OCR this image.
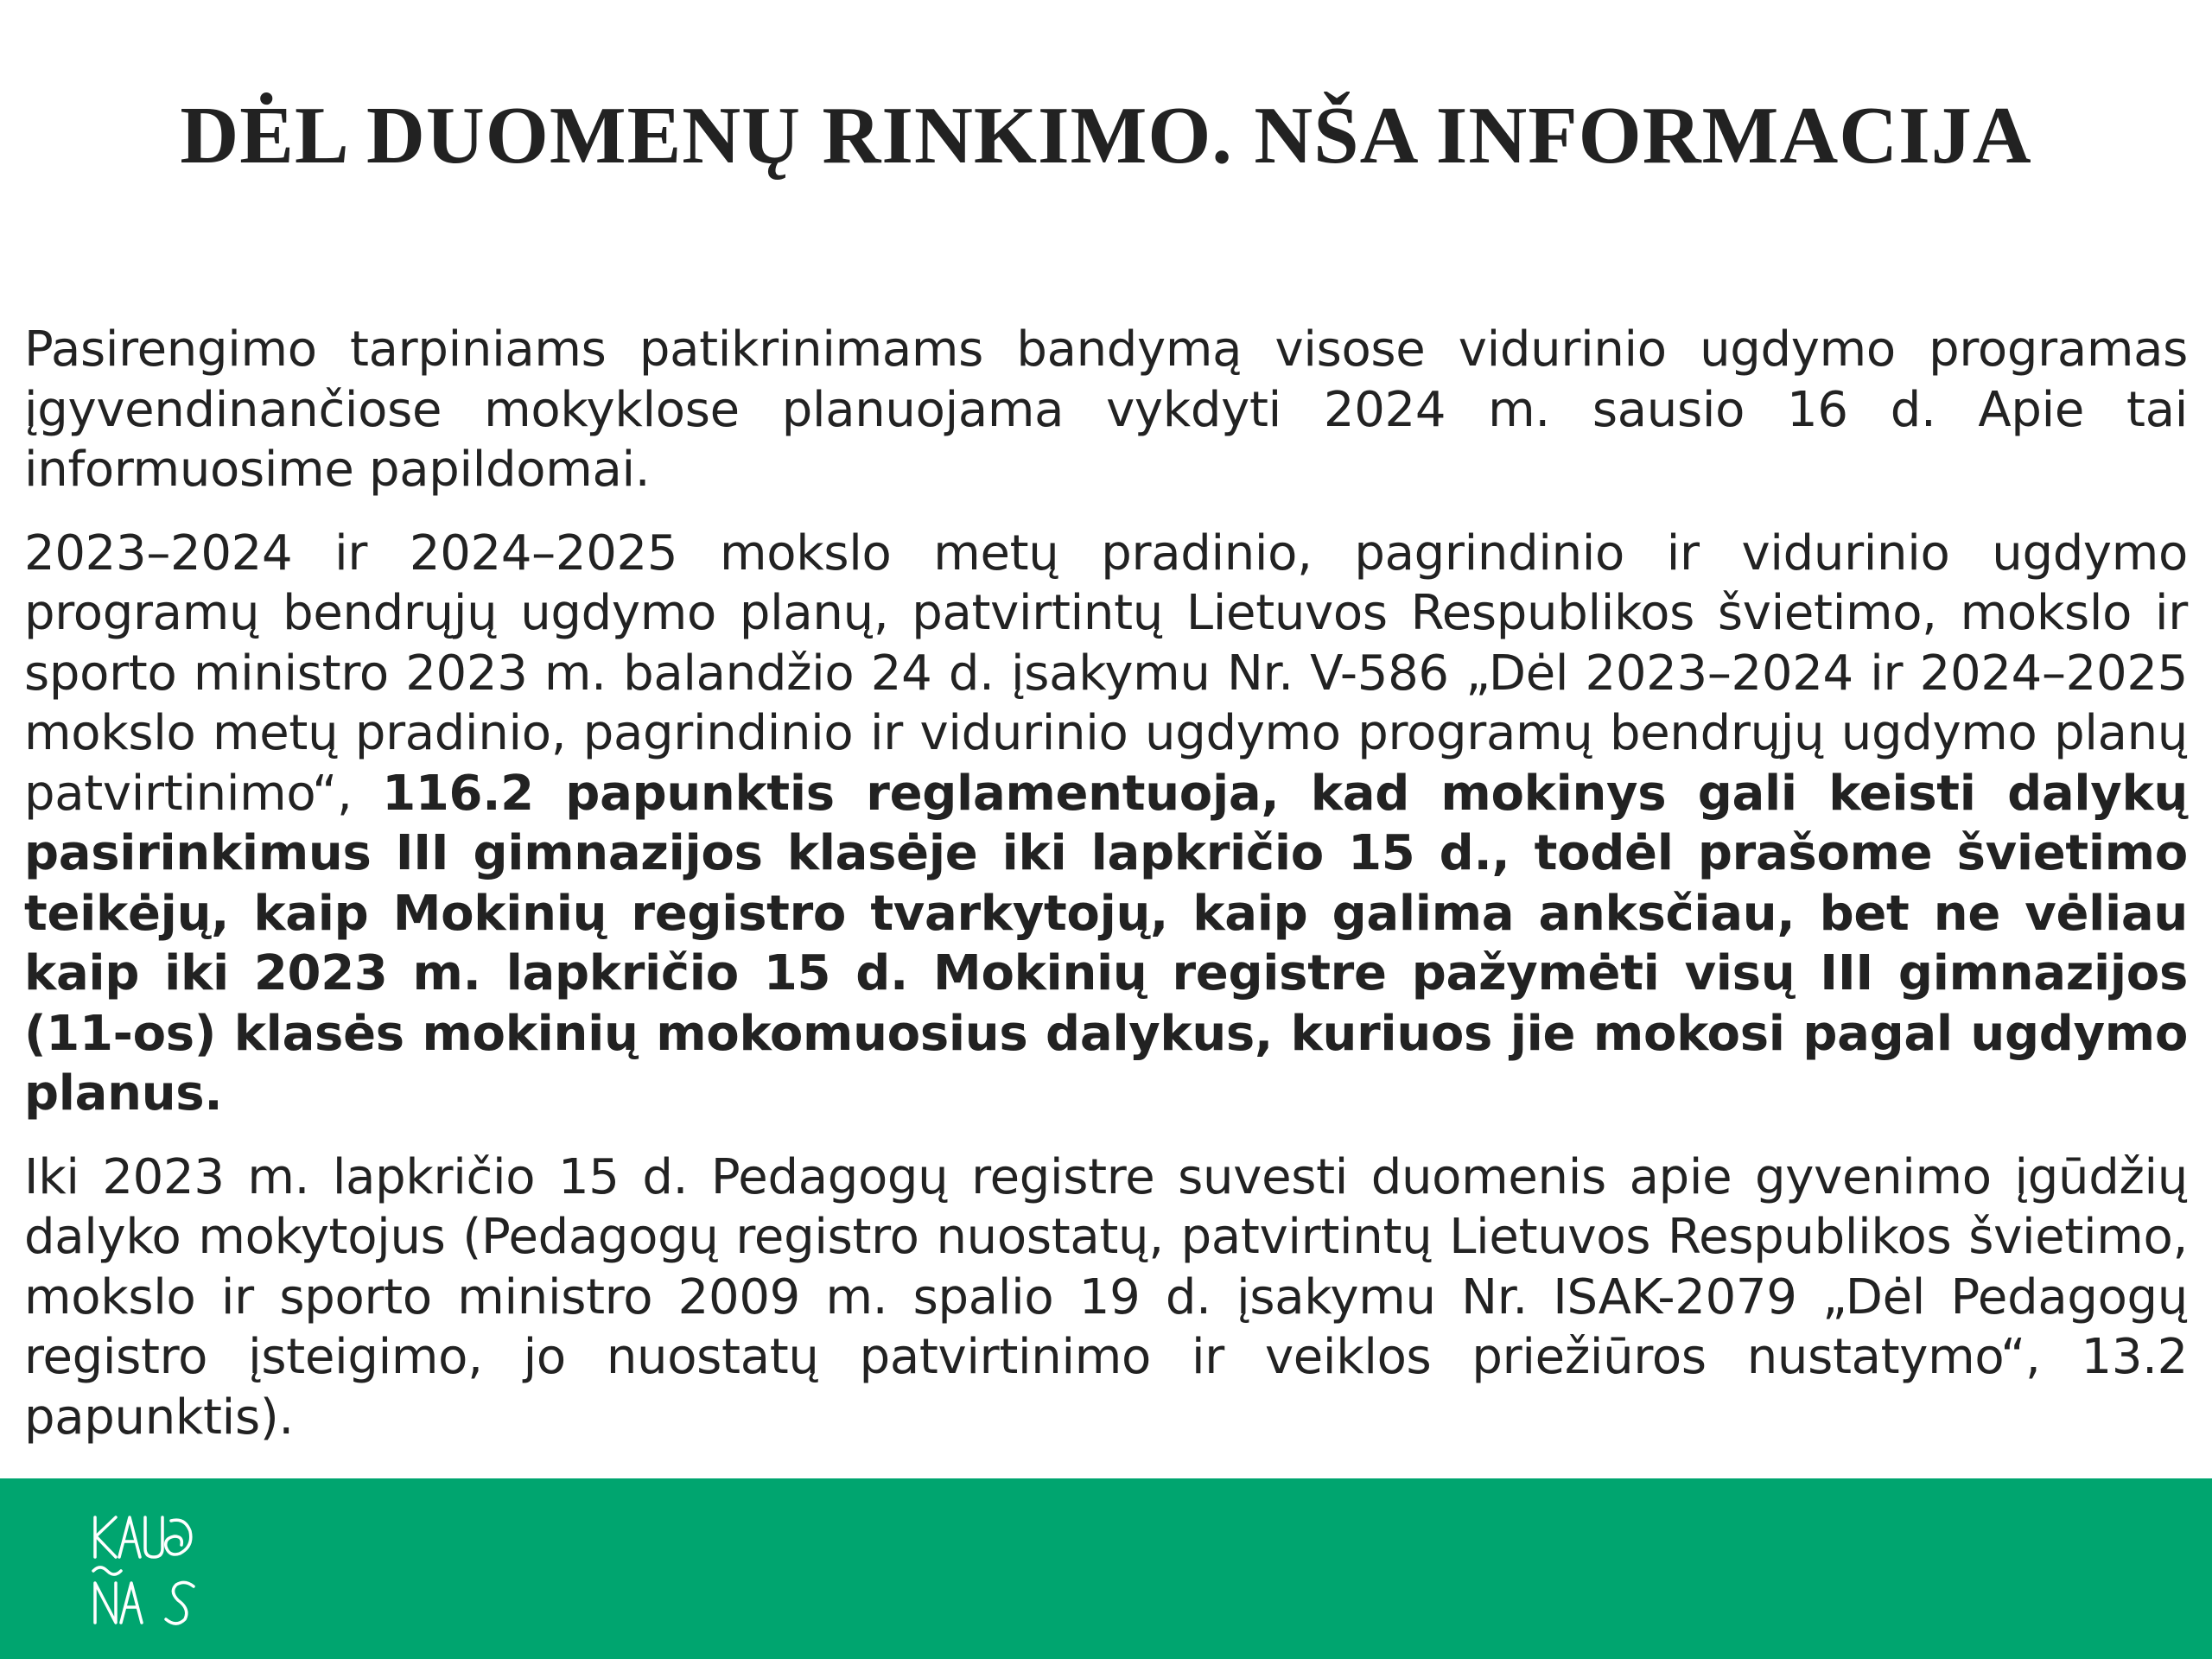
DĖL DUOMENŲ RINKIMO. NŠA INFORMACIJA

Pasirengimo tarpiniams patikrinimams bandymą visose vidurinio ugdymo programas įgyvendinančiose mokyklose planuojama vykdyti 2024 m. sausio 16 d. Apie tai informuosime papildomai.

2023–2024 ir 2024–2025 mokslo metų pradinio, pagrindinio ir vidurinio ugdymo programų bendrųjų ugdymo planų, patvirtintų Lietuvos Respublikos švietimo, mokslo ir sporto ministro 2023 m. balandžio 24 d. įsakymu Nr. V-586 „Dėl 2023–2024 ir 2024–2025 mokslo metų pradinio, pagrindinio ir vidurinio ugdymo programų bendrųjų ugdymo planų patvirtinimo“, 116.2 papunktis reglamentuoja, kad mokinys gali keisti dalykų pasirinkimus III gimnazijos klasėje iki lapkričio 15 d., todėl prašome švietimo teikėjų, kaip Mokinių registro tvarkytojų, kaip galima anksčiau, bet ne vėliau kaip iki 2023 m. lapkričio 15 d. Mokinių registre pažymėti visų III gimnazijos (11-os) klasės mokinių mokomuosius dalykus, kuriuos jie mokosi pagal ugdymo planus.

Iki 2023 m. lapkričio 15 d. Pedagogų registre suvesti duomenis apie gyvenimo įgūdžių dalyko mokytojus (Pedagogų registro nuostatų, patvirtintų Lietuvos Respublikos švietimo, mokslo ir sporto ministro 2009 m. spalio 19 d. įsakymu Nr. ISAK-2079 „Dėl Pedagogų registro įsteigimo, jo nuostatų patvirtinimo ir veiklos priežiūros nustatymo“, 13.2 papunktis).
